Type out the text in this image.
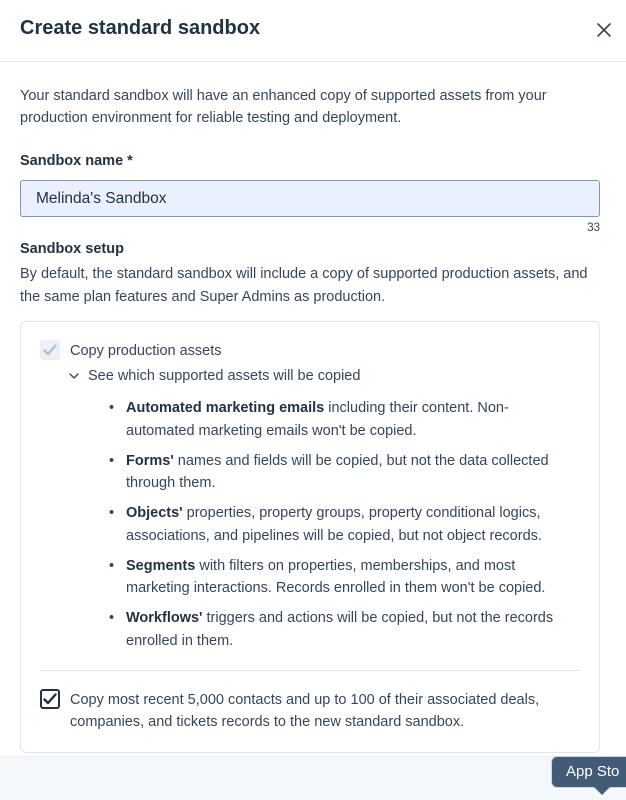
Create standard sandbox

Your standard sandbox will have an enhanced copy of supported assets from your production environment for reliable testing and deployment.

Sandbox name *
Melinda's Sandbox
33
Sandbox setup

By default, the standard sandbox will include a copy of supported production assets, and the same plan features and Super Admins as production.

Copy production assets
See which supported assets will be copied
• Automated marketing emails including their content. Non-automated marketing emails won't be copied.
• Forms' names and fields will be copied, but not the data collected through them.
• Objects' properties, property groups, property conditional logics, associations, and pipelines will be copied, but not object records.
• Segments with filters on properties, memberships, and most marketing interactions. Records enrolled in them won't be copied.
• Workflows' triggers and actions will be copied, but not the records enrolled in them.
Copy most recent 5,000 contacts and up to 100 of their associated deals, companies, and tickets records to the new standard sandbox.
App Sto
